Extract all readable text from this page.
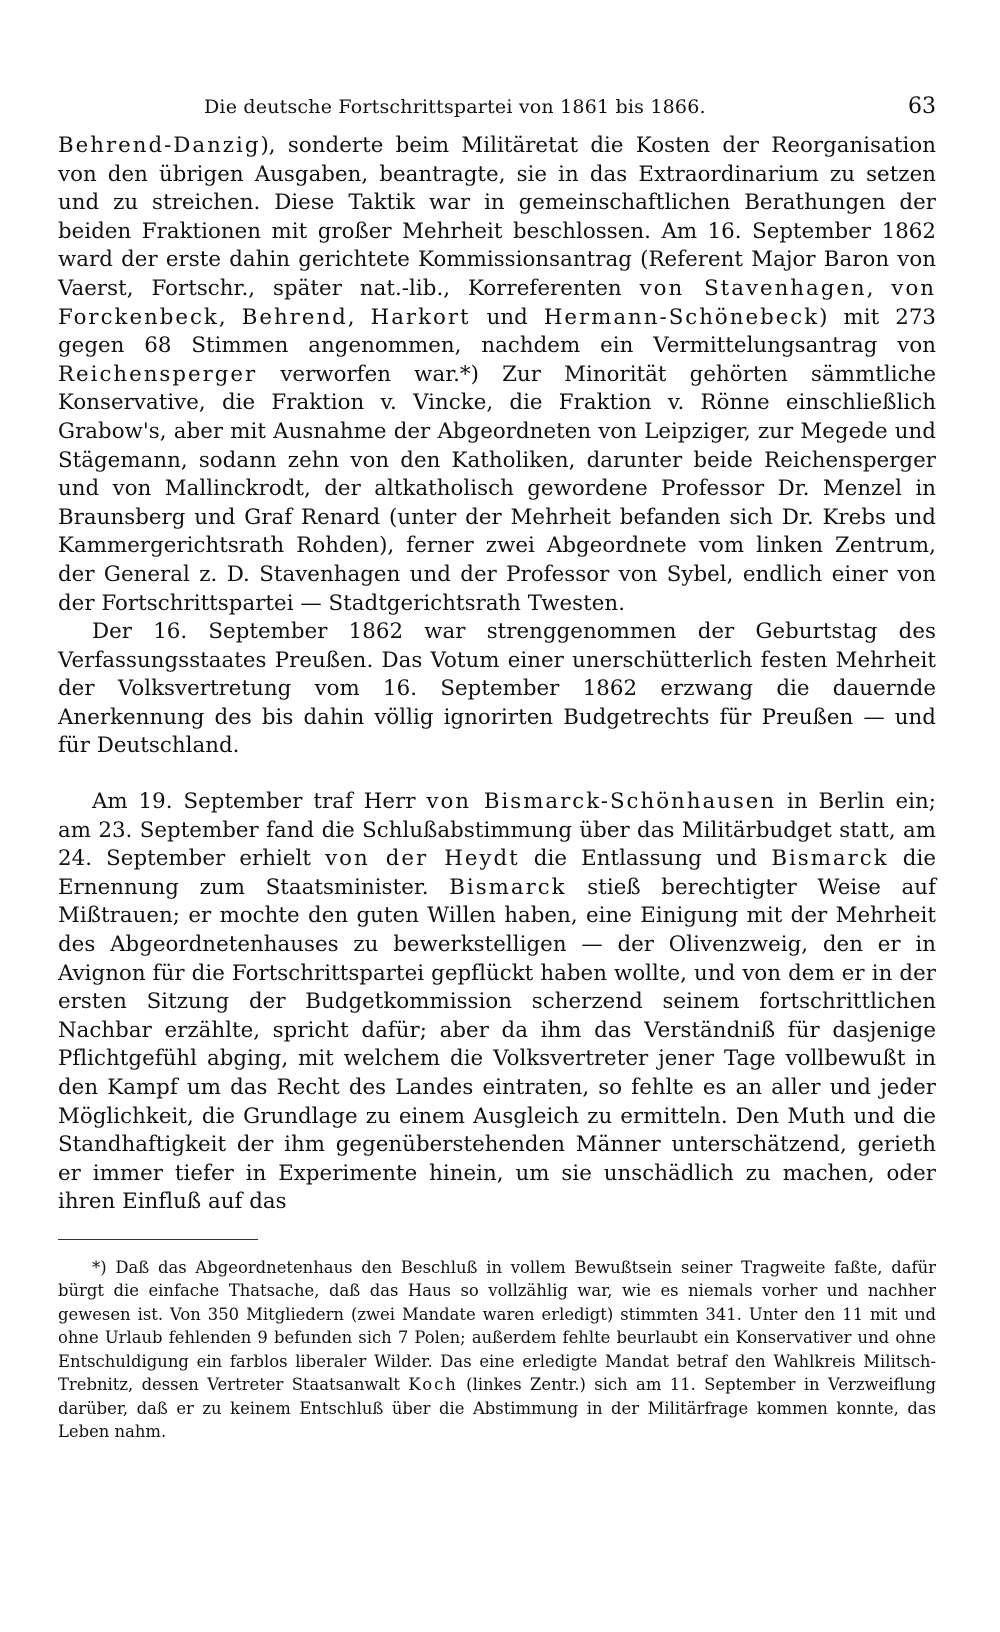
Die deutsche Fortschrittspartei von 1861 bis 1866.	63

Behrend-Danzig), sonderte beim Militäretat die Kosten der Reorganisation von den übrigen Ausgaben, beantragte, sie in das Extraordinarium zu setzen und zu streichen. Diese Taktik war in gemeinschaftlichen Berathungen der beiden Fraktionen mit großer Mehrheit beschlossen. Am 16. September 1862 ward der erste dahin gerichtete Kommissionsantrag (Referent Major Baron von Vaerst, Fortschr., später nat.-lib., Korreferenten von Stavenhagen, von Forckenbeck, Behrend, Harkort und Hermann-Schönebeck) mit 273 gegen 68 Stimmen angenommen, nachdem ein Vermittelungsantrag von Reichensperger verworfen war.*) Zur Minorität gehörten sämmtliche Konservative, die Fraktion v. Vincke, die Fraktion v. Rönne einschließlich Grabow's, aber mit Ausnahme der Abgeordneten von Leipziger, zur Megede und Stägemann, sodann zehn von den Katholiken, darunter beide Reichensperger und von Mallinckrodt, der altkatholisch gewordene Professor Dr. Menzel in Braunsberg und Graf Renard (unter der Mehrheit befanden sich Dr. Krebs und Kammergerichtsrath Rohden), ferner zwei Abgeordnete vom linken Zentrum, der General z. D. Stavenhagen und der Professor von Sybel, endlich einer von der Fortschrittspartei — Stadtgerichtsrath Twesten.

Der 16. September 1862 war strenggenommen der Geburtstag des Verfassungsstaates Preußen. Das Votum einer unerschütterlich festen Mehrheit der Volksvertretung vom 16. September 1862 erzwang die dauernde Anerkennung des bis dahin völlig ignorirten Budgetrechts für Preußen — und für Deutschland.

Am 19. September traf Herr von Bismarck-Schönhausen in Berlin ein; am 23. September fand die Schlußabstimmung über das Militärbudget statt, am 24. September erhielt von der Heydt die Entlassung und Bismarck die Ernennung zum Staatsminister. Bismarck stieß berechtigter Weise auf Mißtrauen; er mochte den guten Willen haben, eine Einigung mit der Mehrheit des Abgeordnetenhauses zu bewerkstelligen — der Olivenzweig, den er in Avignon für die Fortschrittspartei gepflückt haben wollte, und von dem er in der ersten Sitzung der Budgetkommission scherzend seinem fortschrittlichen Nachbar erzählte, spricht dafür; aber da ihm das Verständniß für dasjenige Pflichtgefühl abging, mit welchem die Volksvertreter jener Tage vollbewußt in den Kampf um das Recht des Landes eintraten, so fehlte es an aller und jeder Möglichkeit, die Grundlage zu einem Ausgleich zu ermitteln. Den Muth und die Standhaftigkeit der ihm gegenüberstehenden Männer unterschätzend, gerieth er immer tiefer in Experimente hinein, um sie unschädlich zu machen, oder ihren Einfluß auf das

*) Daß das Abgeordnetenhaus den Beschluß in vollem Bewußtsein seiner Tragweite faßte, dafür bürgt die einfache Thatsache, daß das Haus so vollzählig war, wie es niemals vorher und nachher gewesen ist. Von 350 Mitgliedern (zwei Mandate waren erledigt) stimmten 341. Unter den 11 mit und ohne Urlaub fehlenden 9 befunden sich 7 Polen; außerdem fehlte beurlaubt ein Konservativer und ohne Entschuldigung ein farblos liberaler Wilder. Das eine erledigte Mandat betraf den Wahlkreis Militsch-Trebnitz, dessen Vertreter Staatsanwalt Koch (linkes Zentr.) sich am 11. September in Verzweiflung darüber, daß er zu keinem Entschluß über die Abstimmung in der Militärfrage kommen konnte, das Leben nahm.
